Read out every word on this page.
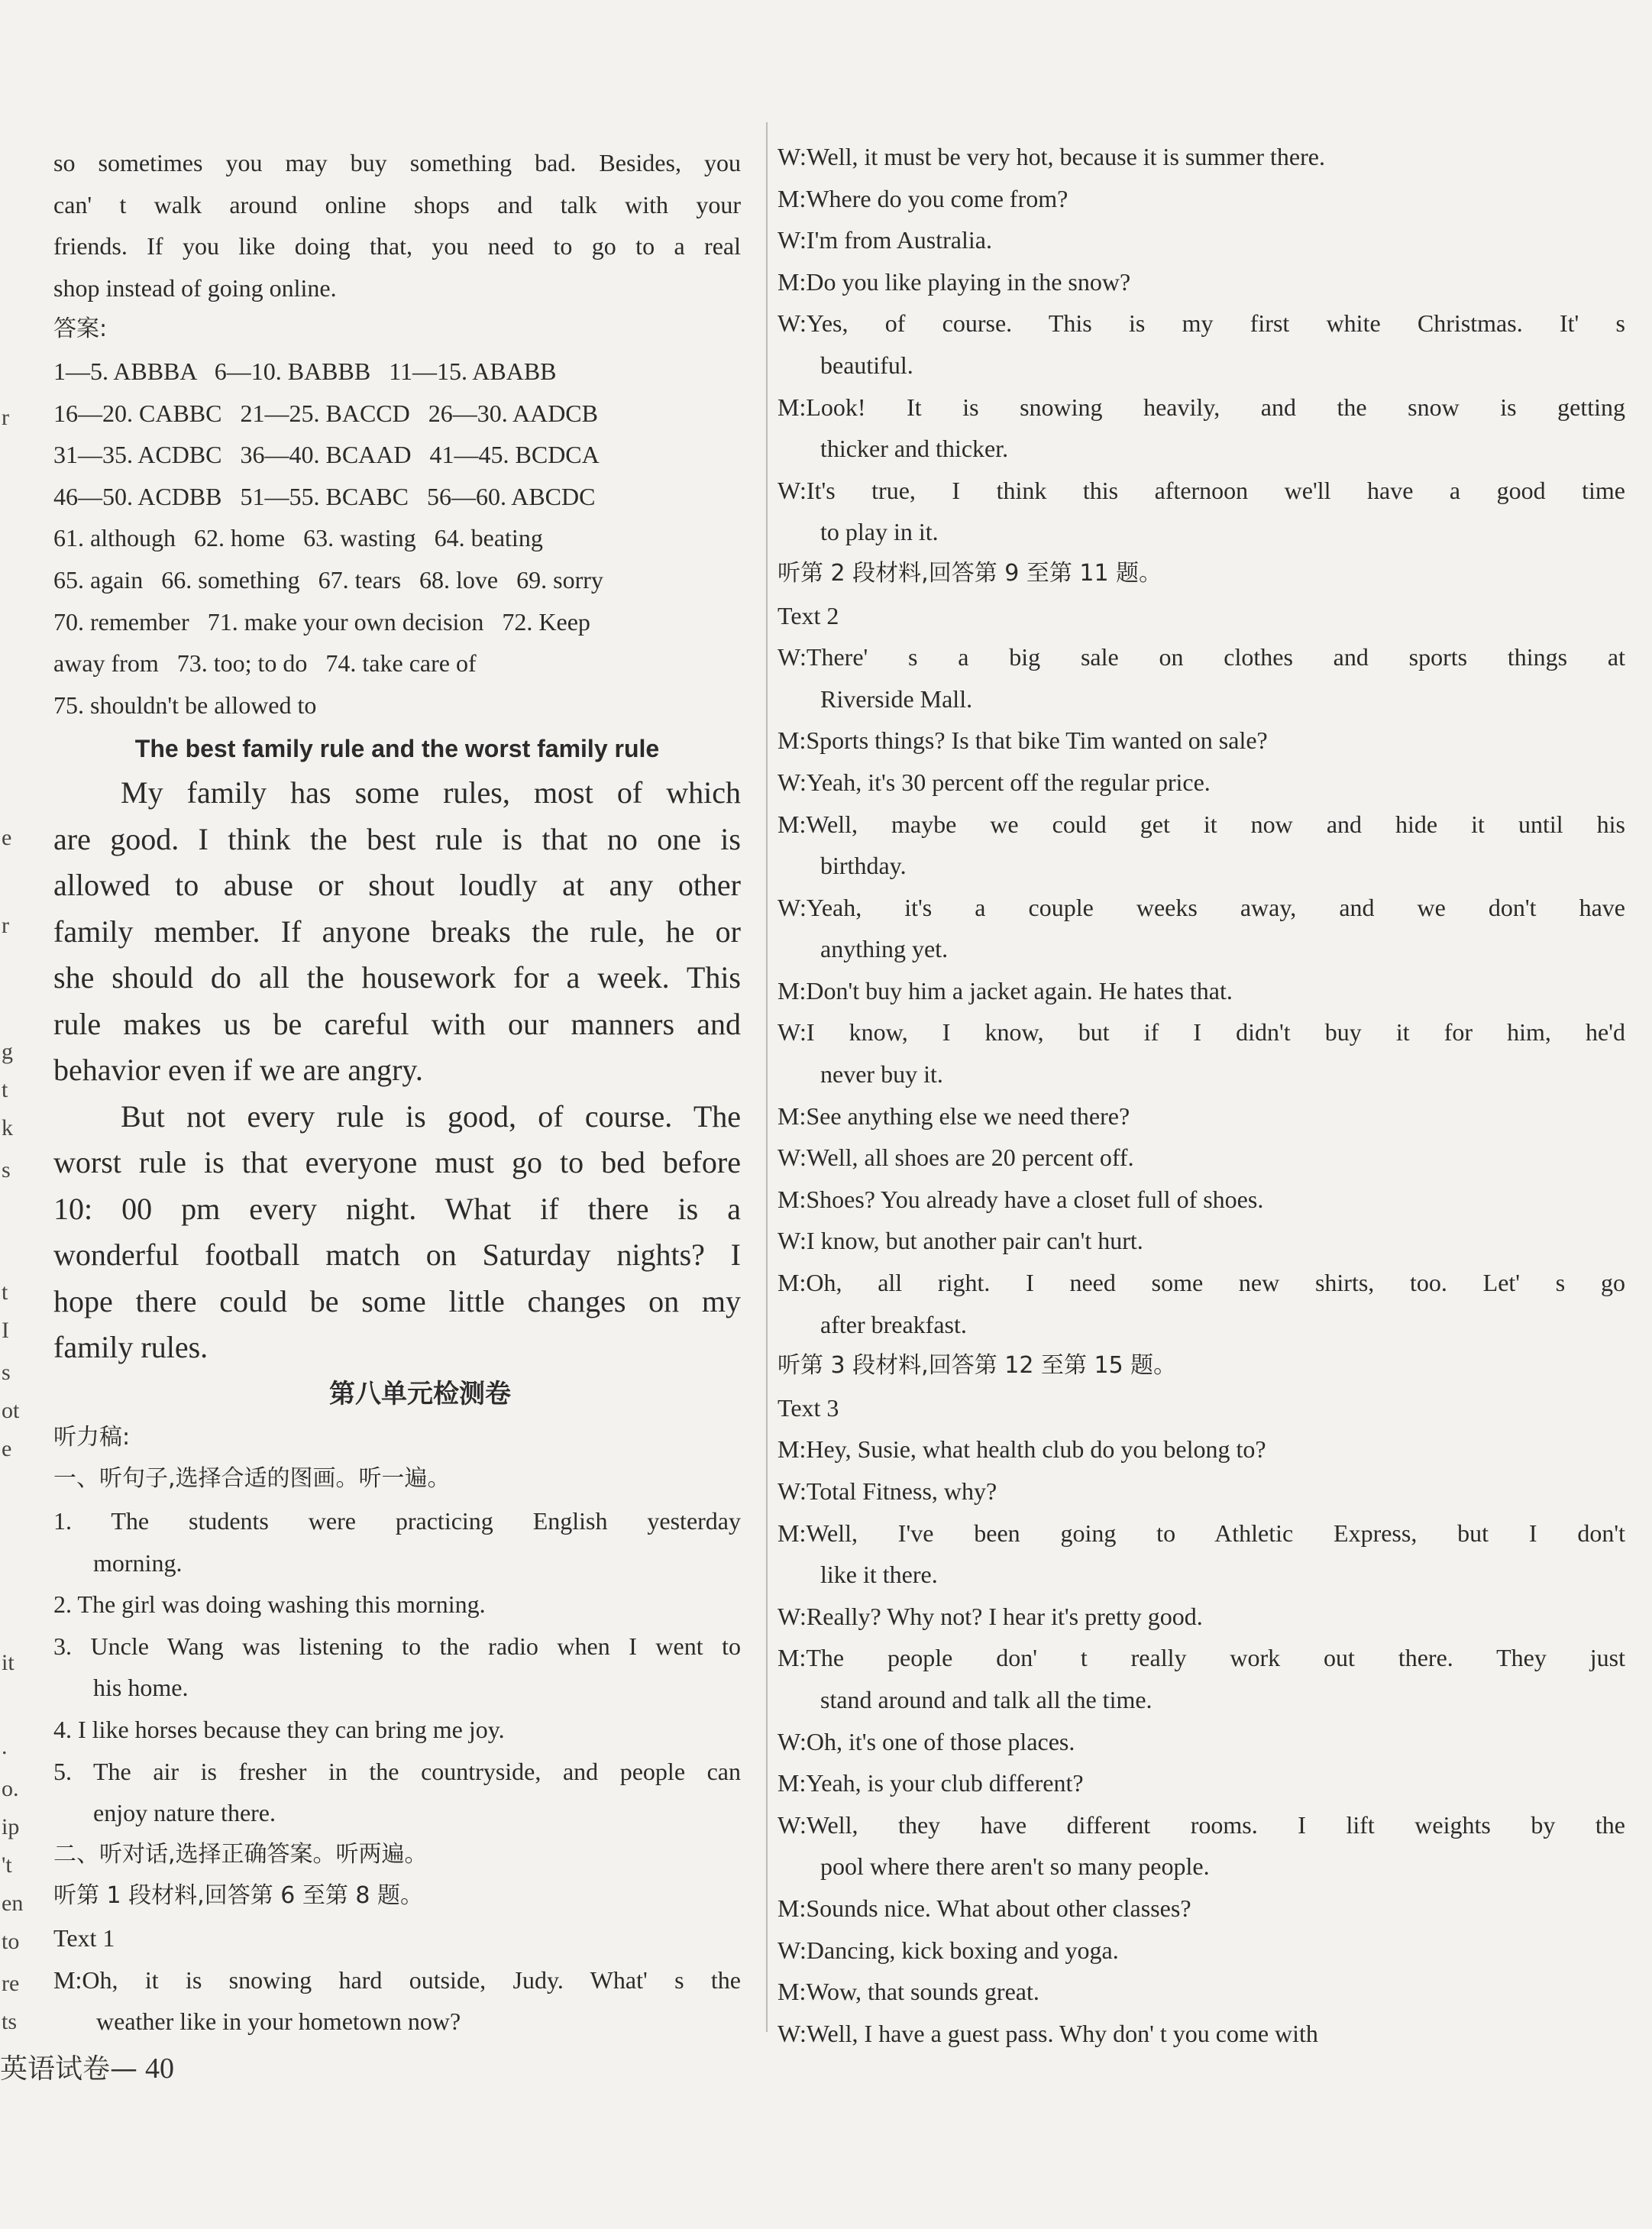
r
e
r
g
t
k
s
t
I
s
ot
e
it
.
o.
ip
't
en
to
re
ts
so sometimes you may buy something bad. Besides, you
can' t walk around online shops and talk with your
friends. If you like doing that, you need to go to a real
shop instead of going online.
答案:
1—5. ABBBA   6—10. BABBB   11—15. ABABB
16—20. CABBC   21—25. BACCD   26—30. AADCB
31—35. ACDBC   36—40. BCAAD   41—45. BCDCA
46—50. ACDBB   51—55. BCABC   56—60. ABCDC
61. although   62. home   63. wasting   64. beating
65. again   66. something   67. tears   68. love   69. sorry
70. remember   71. make your own decision   72. Keep
away from   73. too; to do   74. take care of
75. shouldn't be allowed to
The best family rule and the worst family rule
My family has some rules, most of which
are good. I think the best rule is that no one is
allowed to abuse or shout loudly at any other
family member. If anyone breaks the rule, he or
she should do all the housework for a week. This
rule makes us be careful with our manners and
behavior even if we are angry.
But not every rule is good, of course. The
worst rule is that everyone must go to bed before
10: 00 pm every night. What if there is a
wonderful football match on Saturday nights? I
hope there could be some little changes on my
family rules.
第八单元检测卷
听力稿:
一、听句子,选择合适的图画。听一遍。
1. The students were practicing English yesterday
morning.
2. The girl was doing washing this morning.
3. Uncle Wang was listening to the radio when I went to
his home.
4. I like horses because they can bring me joy.
5. The air is fresher in the countryside, and people can
enjoy nature there.
二、听对话,选择正确答案。听两遍。
听第 1 段材料,回答第 6 至第 8 题。
Text 1
M:Oh, it is snowing hard outside, Judy. What' s the
weather like in your hometown now?
W:Well, it must be very hot, because it is summer there.
M:Where do you come from?
W:I'm from Australia.
M:Do you like playing in the snow?
W:Yes, of course. This is my first white Christmas. It' s
beautiful.
M:Look! It is snowing heavily, and the snow is getting
thicker and thicker.
W:It's true, I think this afternoon we'll have a good time
to play in it.
听第 2 段材料,回答第 9 至第 11 题。
Text 2
W:There' s a big sale on clothes and sports things at
Riverside Mall.
M:Sports things? Is that bike Tim wanted on sale?
W:Yeah, it's 30 percent off the regular price.
M:Well, maybe we could get it now and hide it until his
birthday.
W:Yeah, it's a couple weeks away, and we don't have
anything yet.
M:Don't buy him a jacket again. He hates that.
W:I know, I know, but if I didn't buy it for him, he'd
never buy it.
M:See anything else we need there?
W:Well, all shoes are 20 percent off.
M:Shoes? You already have a closet full of shoes.
W:I know, but another pair can't hurt.
M:Oh, all right. I need some new shirts, too. Let' s go
after breakfast.
听第 3 段材料,回答第 12 至第 15 题。
Text 3
M:Hey, Susie, what health club do you belong to?
W:Total Fitness, why?
M:Well, I've been going to Athletic Express, but I don't
like it there.
W:Really? Why not? I hear it's pretty good.
M:The people don' t really work out there. They just
stand around and talk all the time.
W:Oh, it's one of those places.
M:Yeah, is your club different?
W:Well, they have different rooms. I lift weights by the
pool where there aren't so many people.
M:Sounds nice. What about other classes?
W:Dancing, kick boxing and yoga.
M:Wow, that sounds great.
W:Well, I have a guest pass. Why don' t you come with
英语试卷— 40
